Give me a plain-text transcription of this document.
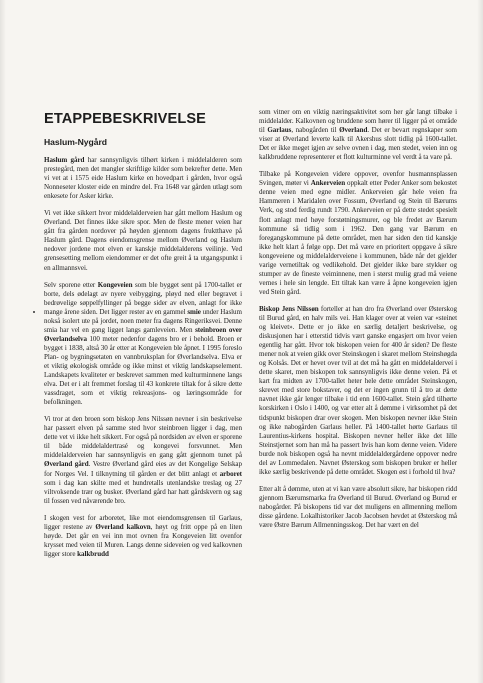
ETAPPEBESKRIVELSE
Haslum-Nygård

Haslum gård har sannsynligvis tilhørt kirken i middelalderen som prestegård, men det mangler skriftlige kilder som bekrefter dette. Men vi vet at i 1575 eide Haslum kirke en hovedpart i gården, hvor også Nonneseter kloster eide en mindre del. Fra 1648 var gården utlagt som enkesete for Asker kirke.

Vi vet ikke sikkert hvor middelalderveien har gått mellom Haslum og Øverland. Det finnes ikke sikre spor. Men de fleste mener veien har gått fra gården nordover på høyden gjennom dagens fruktthave på Haslum gård. Dagens eiendomsgrense mellom Øverland og Haslum nedover jordene mot elven er kanskje middelalderens veilinje. Ved grensesetting mellom eiendommer er det ofte greit å ta utgangspunkt i en allmannsvei.

Selv sporene etter Kongeveien som ble bygget sent på 1700-tallet er borte, dels ødelagt av nyere veibygging, pløyd ned eller begravet i bedrøvelige søppelfyllinger på begge sider av elven, anlagt for ikke mange årene siden. Det ligger rester av en gammel smie under Haslum nokså isolert ute på jordet, noen meter fra dagens Ringeriksvei. Denne smia har vel en gang ligget langs gamleveien. Men steinbroen over Øverlandselva 100 meter nedenfor dagens bro er i behold. Broen er bygget i 1838, altså 30 år etter at Kongeveien ble åpnet. I 1995 foreslo Plan- og bygningsetaten en vannbruksplan for Øverlandselva. Elva er et viktig økologisk område og ikke minst et viktig landskapselement. Landskapets kvaliteter er beskrevet sammen med kulturminnene langs elva. Det er i alt fremmet forslag til 43 konkrete tiltak for å sikre dette vassdraget, som et viktig rekreasjons- og læringsområde for befolkningen.

Vi tror at den broen som biskop Jens Nilssøn nevner i sin beskrivelse har passert elven på samme sted hvor steinbroen ligger i dag, men dette vet vi ikke helt sikkert. For også på nordsiden av elven er sporene til både middelaldertrasé og kongevei forsvunnet. Men middelalderveien har sannsynligvis en gang gått gjennom tunet på Øverland gård. Vestre Øverland gård eies av det Kongelige Selskap for Norges Vel. I tilknytning til gården er det blitt anlagt et arboret som i dag kan skilte med et hundretalls utenlandske treslag og 27 viltvoksende trær og busker. Øverland gård har hatt gårdskvern og sag til fossen ved nåværende bro.

I skogen vest for arboretet, like mot eiendomsgrensen til Garlaus, ligger restene av Øverland kalkovn, høyt og fritt oppe på en liten høyde. Det går en vei inn mot ovnen fra Kongeveien litt ovenfor krysset med veien til Muren. Langs denne sideveien og ved kalkovnen ligger store kalkbrudd

som vitner om en viktig næringsaktivitet som her går langt tilbake i middelalder. Kalkovnen og bruddene som hører til ligger på et område til Garlaus, nabogården til Øverland. Det er bevart regnskaper som viser at Øverland leverte kalk til Akershus slott tidlig på 1600-tallet. Det er ikke meget igjen av selve ovnen i dag, men stedet, veien inn og kalkbruddene representerer et flott kulturminne vel verdt å ta vare på.

Tilbake på Kongeveien videre oppover, ovenfor husmannsplassen Svingen, møter vi Ankerveien oppkalt etter Peder Anker som bekostet denne veien med egne midler. Ankerveien går hele veien fra Hammeren i Maridalen over Fossum, Øverland og Stein til Bærums Verk, og stod ferdig rundt 1790. Ankerveien er på dette stedet spesielt flott anlagt med høye forstøtningsmurer, og ble fredet av Bærum kommune så tidlig som i 1962. Den gang var Bærum en foregangskommune på dette området, men har siden den tid kanskje ikke helt klart å følge opp. Det må være en prioritert oppgave å sikre kongeveiene og middelalderveiene i kommunen, både når det gjelder varige vernetiltak og vedlikehold. Det gjelder ikke bare stykker og stumper av de fineste veiminnene, men i størst mulig grad må veiene vernes i hele sin lengde. Ett tiltak kan være å åpne kongeveien igjen ved Stein gård.

Biskop Jens Nilssøn forteller at han dro fra Øverland over Østerskog til Burud gård, en halv mils vei. Han klager over at veien var «steinet og kleivet». Dette er jo ikke en særlig detaljert beskrivelse, og diskusjonen har i etterstid tidvis vært ganske engasjert om hvor veien egentlig har gått. Hvor tok biskopen veien for 400 år siden? De fleste mener nok at veien gikk over Steinskogen i skaret mellom Steinshøgda og Kolsås. Det er hevet over tvil at det må ha gått en middelalderveí i dette skaret, men biskopen tok sannsynligvis ikke denne veien. På et kart fra midten av 1700-tallet heter hele dette området Steinskogen, skrevet med store bokstaver, og det er ingen grunn til å tro at dette navnet ikke går lenger tilbake i tid enn 1600-tallet. Stein gård tilhørte korskirken i Oslo i 1400, og var etter alt å dømme i virksomhet på det tidspunkt biskopen drar over skogen. Men biskopen nevner ikke Stein og ikke nabogården Garlaus heller. På 1400-tallet hørte Garlaus til Laurentius-kirkens hospital. Biskopen nevner heller ikke det lille Steinstjernet som han må ha passert hvis han kom denne veien. Videre burde nok biskopen også ha nevnt middelaldergårdene oppover nedre del av Lommedalen. Navnet Østerskog som biskopen bruker er heller ikke særlig beskrivende på dette området. Skogen øst i forhold til hva?

Etter alt å dømme, uten at vi kan være absolutt sikre, har biskopen ridd gjennom Bærumsmarka fra Øverland til Burud. Øverland og Burud er nabogårder. På biskopens tid var det muligens en allmenning mellom disse gårdene. Lokalhistoriker Jacob Jacobsen hevdet at Østerskog må være Østre Bærum Allmenningsskog. Det har vært en del
